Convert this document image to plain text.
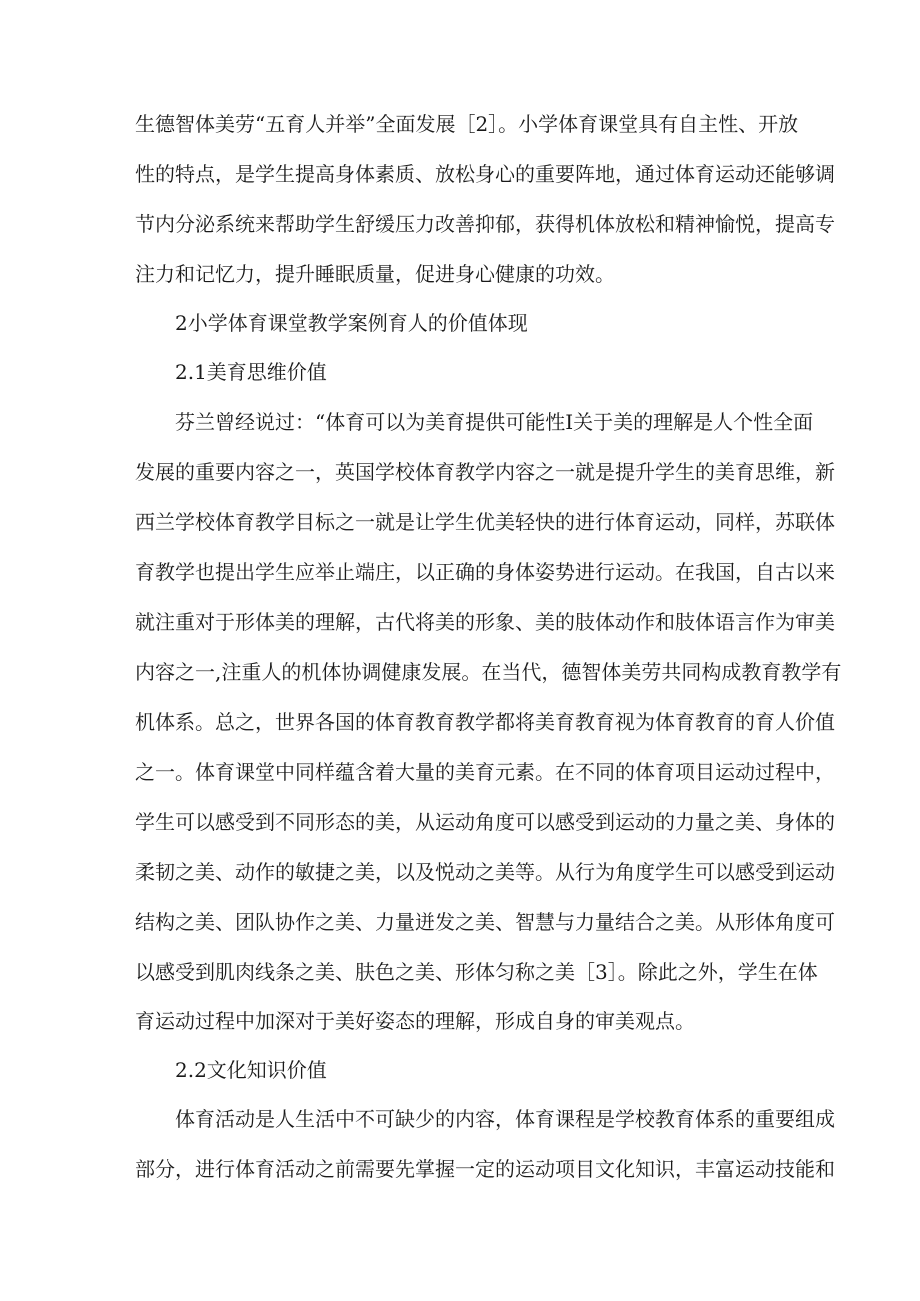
生德智体美劳“五育人并举”全面发展［2］。小学体育课堂具有自主性、开放
性的特点，是学生提高身体素质、放松身心的重要阵地，通过体育运动还能够调
节内分泌系统来帮助学生舒缓压力改善抑郁，获得机体放松和精神愉悦，提高专
注力和记忆力，提升睡眠质量，促进身心健康的功效。
2小学体育课堂教学案例育人的价值体现
2.1美育思维价值
芬兰曾经说过：“体育可以为美育提供可能性I关于美的理解是人个性全面
发展的重要内容之一，英国学校体育教学内容之一就是提升学生的美育思维，新
西兰学校体育教学目标之一就是让学生优美轻快的进行体育运动，同样，苏联体
育教学也提出学生应举止端庄，以正确的身体姿势进行运动。在我国，自古以来
就注重对于形体美的理解，古代将美的形象、美的肢体动作和肢体语言作为审美
内容之一,注重人的机体协调健康发展。在当代，德智体美劳共同构成教育教学有
机体系。总之，世界各国的体育教育教学都将美育教育视为体育教育的育人价值
之一。体育课堂中同样蕴含着大量的美育元素。在不同的体育项目运动过程中，
学生可以感受到不同形态的美，从运动角度可以感受到运动的力量之美、身体的
柔韧之美、动作的敏捷之美，以及悦动之美等。从行为角度学生可以感受到运动
结构之美、团队协作之美、力量迸发之美、智慧与力量结合之美。从形体角度可
以感受到肌肉线条之美、肤色之美、形体匀称之美［3］。除此之外，学生在体
育运动过程中加深对于美好姿态的理解，形成自身的审美观点。
2.2文化知识价值
体育活动是人生活中不可缺少的内容，体育课程是学校教育体系的重要组成
部分，进行体育活动之前需要先掌握一定的运动项目文化知识，丰富运动技能和
